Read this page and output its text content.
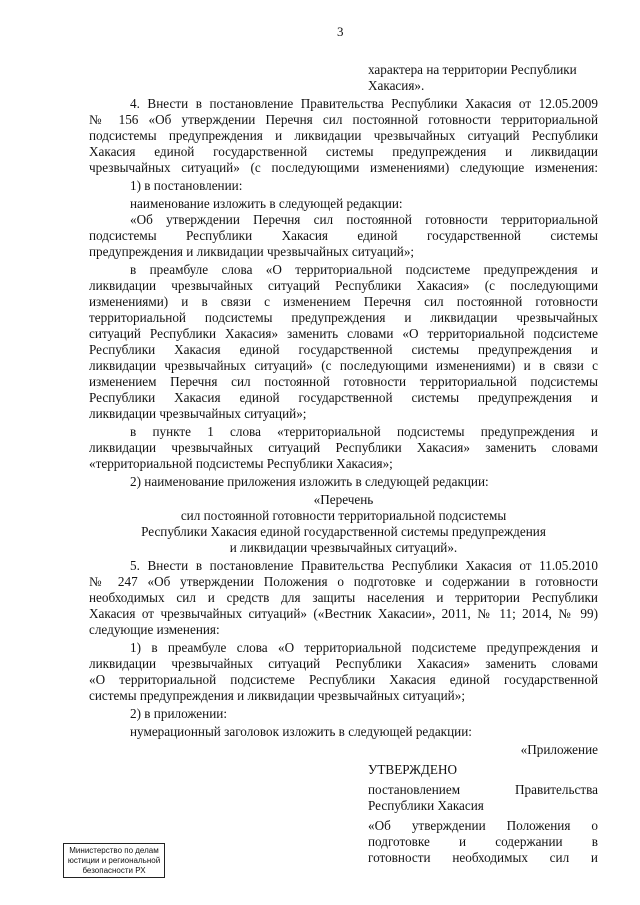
3
характера на территории Республики
Хакасия».
4. Внести в постановление Правительства Республики Хакасия от 12.05.2009
№ 156 «Об утверждении Перечня сил постоянной готовности территориальной
подсистемы предупреждения и ликвидации чрезвычайных ситуаций Республики
Хакасия единой государственной системы предупреждения и ликвидации
чрезвычайных ситуаций» (с последующими изменениями) следующие изменения:
1) в постановлении:
наименование изложить в следующей редакции:
«Об утверждении Перечня сил постоянной готовности территориальной
подсистемы Республики Хакасия единой государственной системы
предупреждения и ликвидации чрезвычайных ситуаций»;
в преамбуле слова «О территориальной подсистеме предупреждения и
ликвидации чрезвычайных ситуаций Республики Хакасия» (с последующими
изменениями) и в связи с изменением Перечня сил постоянной готовности
территориальной подсистемы предупреждения и ликвидации чрезвычайных
ситуаций Республики Хакасия» заменить словами «О территориальной подсистеме
Республики Хакасия единой государственной системы предупреждения и
ликвидации чрезвычайных ситуаций» (с последующими изменениями) и в связи с
изменением Перечня сил постоянной готовности территориальной подсистемы
Республики Хакасия единой государственной системы предупреждения и
ликвидации чрезвычайных ситуаций»;
в пункте 1 слова «территориальной подсистемы предупреждения и
ликвидации чрезвычайных ситуаций Республики Хакасия» заменить словами
«территориальной подсистемы Республики Хакасия»;
2) наименование приложения изложить в следующей редакции:
«Перечень
сил постоянной готовности территориальной подсистемы
Республики Хакасия единой государственной системы предупреждения
и ликвидации чрезвычайных ситуаций».
5. Внести в постановление Правительства Республики Хакасия от 11.05.2010
№ 247 «Об утверждении Положения о подготовке и содержании в готовности
необходимых сил и средств для защиты населения и территории Республики
Хакасия от чрезвычайных ситуаций» («Вестник Хакасии», 2011, № 11; 2014, № 99)
следующие изменения:
1) в преамбуле слова «О территориальной подсистеме предупреждения и
ликвидации чрезвычайных ситуаций Республики Хакасия» заменить словами
«О территориальной подсистеме Республики Хакасия единой государственной
системы предупреждения и ликвидации чрезвычайных ситуаций»;
2) в приложении:
нумерационный заголовок изложить в следующей редакции:
«Приложение
УТВЕРЖДЕНО
постановлением Правительства
Республики Хакасия
«Об утверждении Положения о
подготовке и содержании в
готовности необходимых сил и
Министерство по делам
юстиции и региональной
безопасности РХ
